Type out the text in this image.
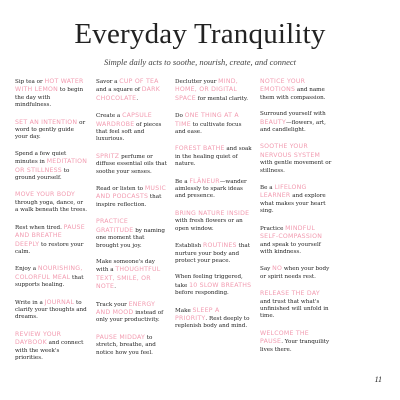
Everyday Tranquility
Simple daily acts to soothe, nourish, create, and connect
Sip tea or HOT WATER WITH LEMON to begin the day with mindfulness.
SET AN INTENTION or word to gently guide your day.
Spend a few quiet minutes in MEDITATION OR STILLNESS to ground yourself.
MOVE YOUR BODY through yoga, dance, or a walk beneath the trees.
Rest when tired. PAUSE AND BREATHE DEEPLY to restore your calm.
Enjoy a NOURISHING, COLORFUL MEAL that supports healing.
Write in a JOURNAL to clarify your thoughts and dreams.
REVIEW YOUR DAYBOOK and connect with the week's priorities.
Savor a CUP OF TEA and a square of DARK CHOCOLATE.
Create a CAPSULE WARDROBE of pieces that feel soft and luxurious.
SPRITZ perfume or diffuse essential oils that soothe your senses.
Read or listen to MUSIC AND PODCASTS that inspire reflection.
PRACTICE GRATITUDE by naming one moment that brought you joy.
Make someone's day with a THOUGHTFUL TEXT, SMILE, OR NOTE.
Track your ENERGY AND MOOD instead of only your productivity.
PAUSE MIDDAY to stretch, breathe, and notice how you feel.
Declutter your MIND, HOME, OR DIGITAL SPACE for mental clarity.
Do ONE THING AT A TIME to cultivate focus and ease.
FOREST BATHE and soak in the healing quiet of nature.
Be a FLÂNEUR—wander aimlessly to spark ideas and presence.
BRING NATURE INSIDE with fresh flowers or an open window.
Establish ROUTINES that nurture your body and protect your peace.
When feeling triggered, take 10 SLOW BREATHS before responding.
Make SLEEP A PRIORITY. Rest deeply to replenish body and mind.
NOTICE YOUR EMOTIONS and name them with compassion.
Surround yourself with BEAUTY—flowers, art, and candlelight.
SOOTHE YOUR NERVOUS SYSTEM with gentle movement or stillness.
Be a LIFELONG LEARNER and explore what makes your heart sing.
Practice MINDFUL SELF-COMPASSION and speak to yourself with kindness.
Say NO when your body or spirit needs rest.
RELEASE THE DAY and trust that what's unfinished will unfold in time.
WELCOME THE PAUSE. Your tranquility lives there.
11
